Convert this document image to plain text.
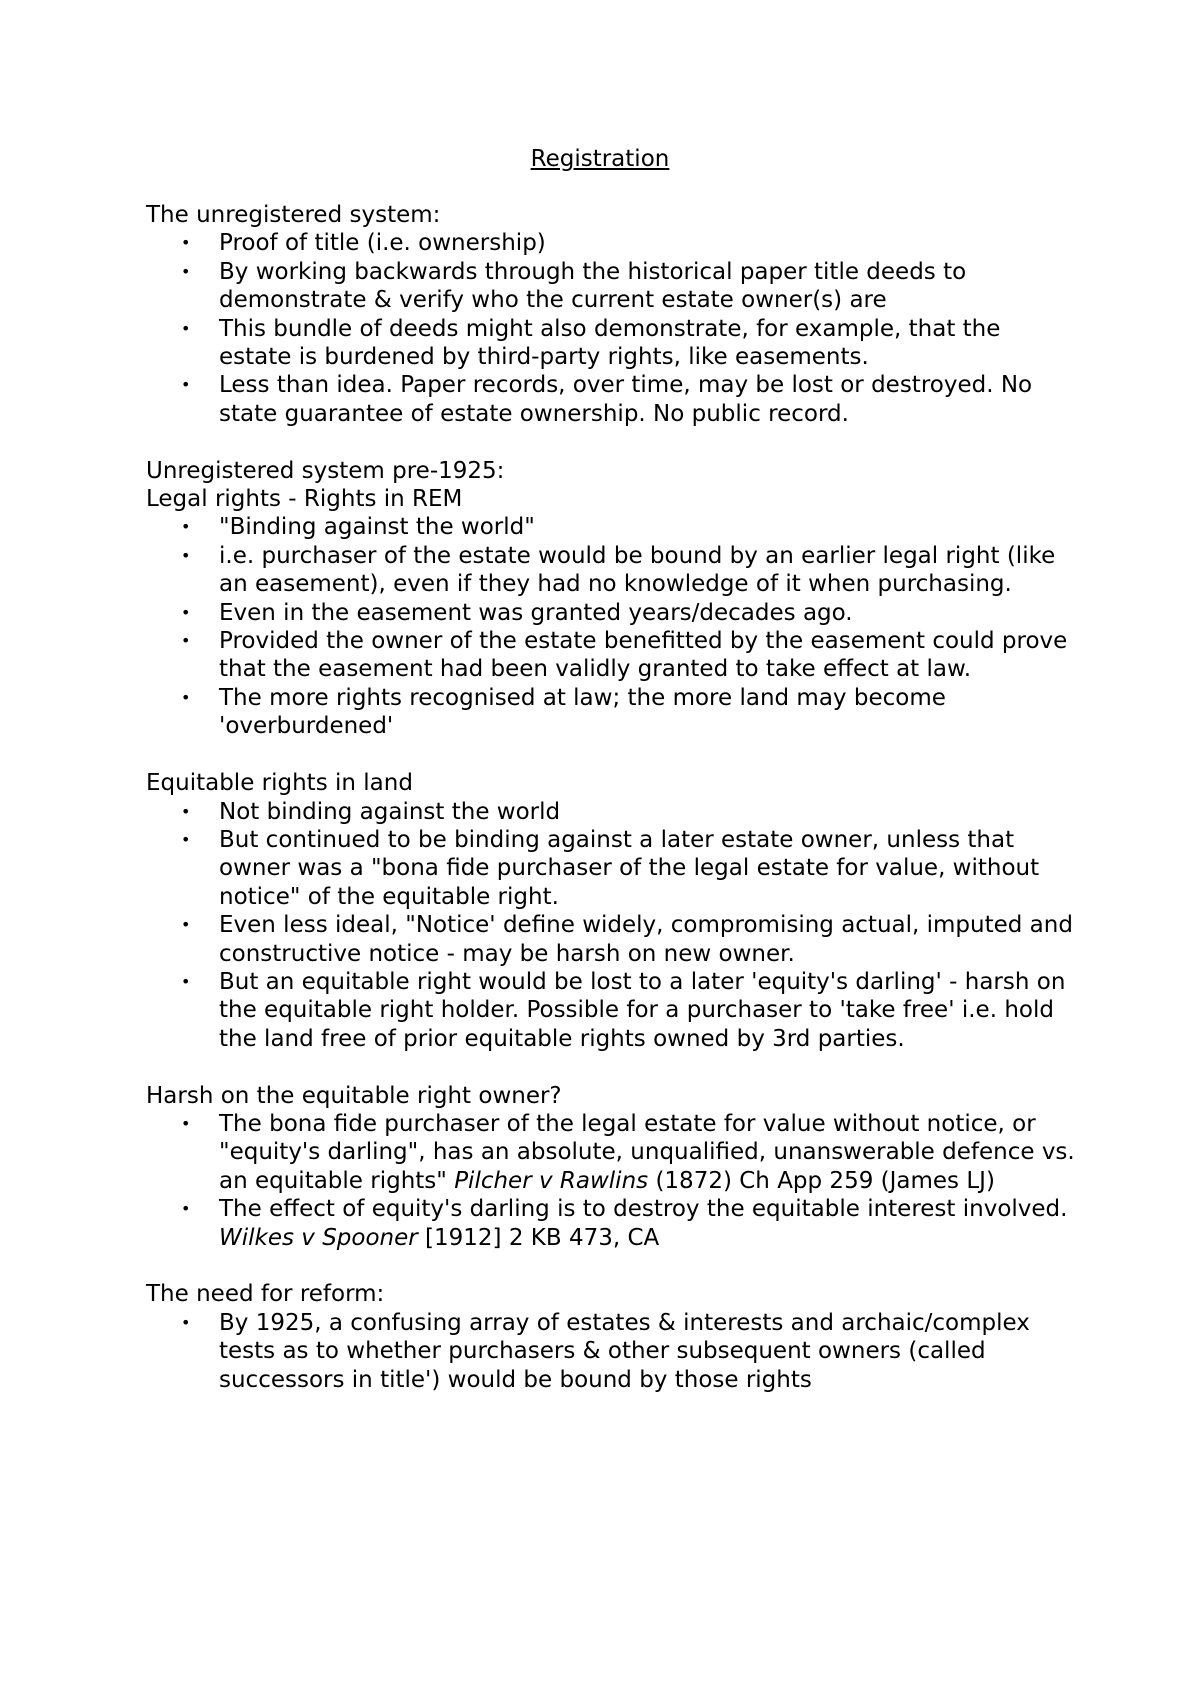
Registration

The unregistered system:

• Proof of title (i.e. ownership)
• By working backwards through the historical paper title deeds to demonstrate & verify who the current estate owner(s) are
• This bundle of deeds might also demonstrate, for example, that the estate is burdened by third-party rights, like easements.
• Less than idea. Paper records, over time, may be lost or destroyed. No state guarantee of estate ownership. No public record.

Unregistered system pre-1925:

Legal rights - Rights in REM

• "Binding against the world"
• i.e. purchaser of the estate would be bound by an earlier legal right (like an easement), even if they had no knowledge of it when purchasing.
• Even in the easement was granted years/decades ago.
• Provided the owner of the estate benefitted by the easement could prove that the easement had been validly granted to take effect at law.
• The more rights recognised at law; the more land may become 'overburdened'

Equitable rights in land

• Not binding against the world
• But continued to be binding against a later estate owner, unless that owner was a "bona fide purchaser of the legal estate for value, without notice" of the equitable right.
• Even less ideal, "Notice' define widely, compromising actual, imputed and constructive notice - may be harsh on new owner.
• But an equitable right would be lost to a later 'equity's darling' - harsh on the equitable right holder. Possible for a purchaser to 'take free' i.e. hold the land free of prior equitable rights owned by 3rd parties.

Harsh on the equitable right owner?

• The bona fide purchaser of the legal estate for value without notice, or "equity's darling", has an absolute, unqualified, unanswerable defence vs. an equitable rights" Pilcher v Rawlins (1872) Ch App 259 (James LJ)
• The effect of equity's darling is to destroy the equitable interest involved. Wilkes v Spooner [1912] 2 KB 473, CA

The need for reform:

• By 1925, a confusing array of estates & interests and archaic/complex tests as to whether purchasers & other subsequent owners (called successors in title') would be bound by those rights
